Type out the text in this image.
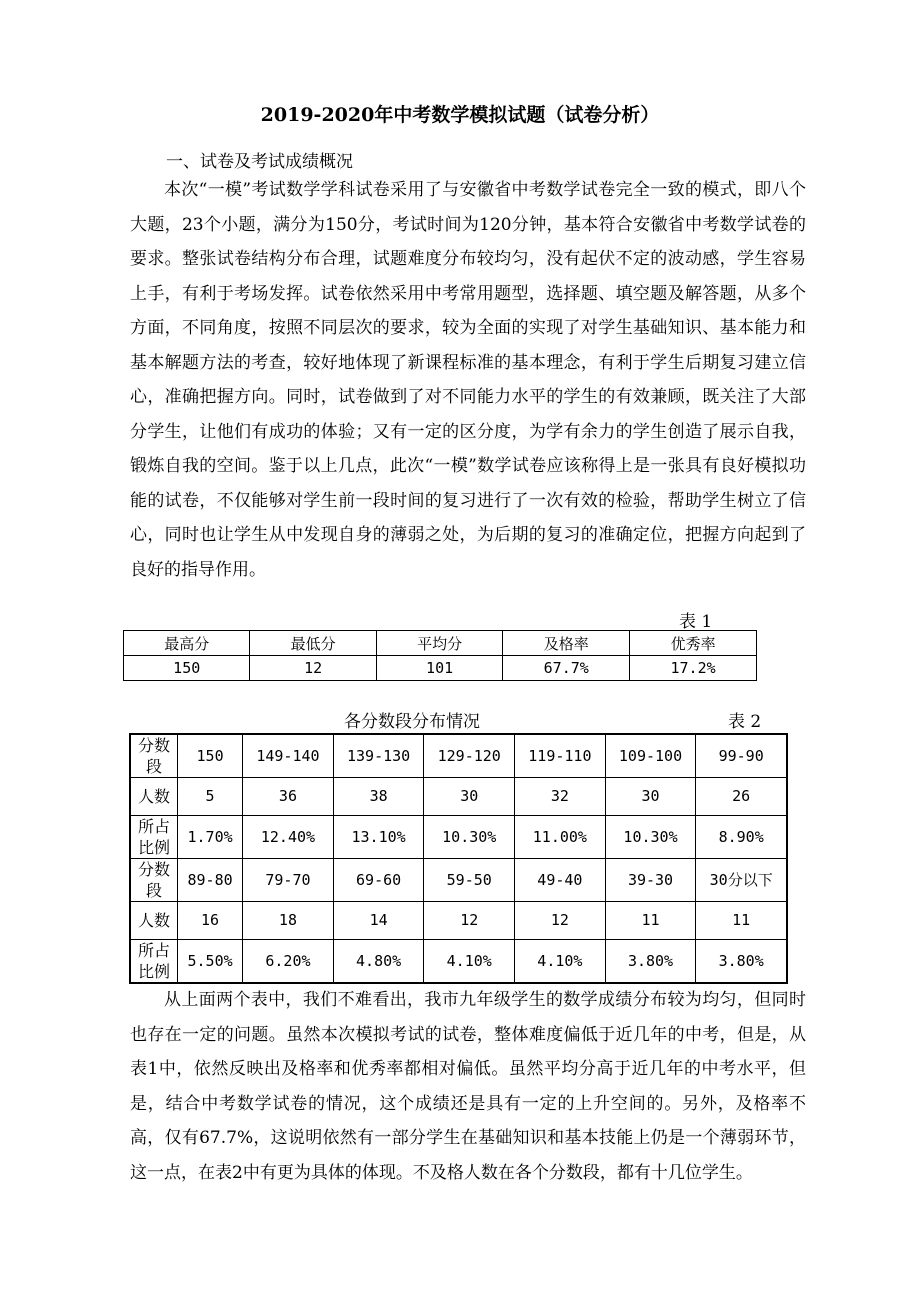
2019-2020年中考数学模拟试题（试卷分析）
一、试卷及考试成绩概况

本次“一模”考试数学学科试卷采用了与安徽省中考数学试卷完全一致的模式，即八个大题，23个小题，满分为150分，考试时间为120分钟，基本符合安徽省中考数学试卷的要求。整张试卷结构分布合理，试题难度分布较均匀，没有起伏不定的波动感，学生容易上手，有利于考场发挥。试卷依然采用中考常用题型，选择题、填空题及解答题，从多个方面，不同角度，按照不同层次的要求，较为全面的实现了对学生基础知识、基本能力和基本解题方法的考查，较好地体现了新课程标准的基本理念，有利于学生后期复习建立信心，准确把握方向。同时，试卷做到了对不同能力水平的学生的有效兼顾，既关注了大部分学生，让他们有成功的体验；又有一定的区分度，为学有余力的学生创造了展示自我，锻炼自我的空间。鉴于以上几点，此次“一模”数学试卷应该称得上是一张具有良好模拟功能的试卷，不仅能够对学生前一段时间的复习进行了一次有效的检验，帮助学生树立了信心，同时也让学生从中发现自身的薄弱之处，为后期的复习的准确定位，把握方向起到了良好的指导作用。

表 1
最高分	最低分	平均分	及格率	优秀率
150	12	101	67.7%	17.2%
各分数段分布情况	表 2
分数段	150	149-140	139-130	129-120	119-110	109-100	99-90
人数	5	36	38	30	32	30	26
所占比例	1.70%	12.40%	13.10%	10.30%	11.00%	10.30%	8.90%
分数段	89-80	79-70	69-60	59-50	49-40	39-30	30分以下
人数	16	18	14	12	12	11	11
所占比例	5.50%	6.20%	4.80%	4.10%	4.10%	3.80%	3.80%

从上面两个表中，我们不难看出，我市九年级学生的数学成绩分布较为均匀，但同时也存在一定的问题。虽然本次模拟考试的试卷，整体难度偏低于近几年的中考，但是，从表1中，依然反映出及格率和优秀率都相对偏低。虽然平均分高于近几年的中考水平，但是，结合中考数学试卷的情况，这个成绩还是具有一定的上升空间的。另外，及格率不高，仅有67.7%，这说明依然有一部分学生在基础知识和基本技能上仍是一个薄弱环节，这一点，在表2中有更为具体的体现。不及格人数在各个分数段，都有十几位学生。
